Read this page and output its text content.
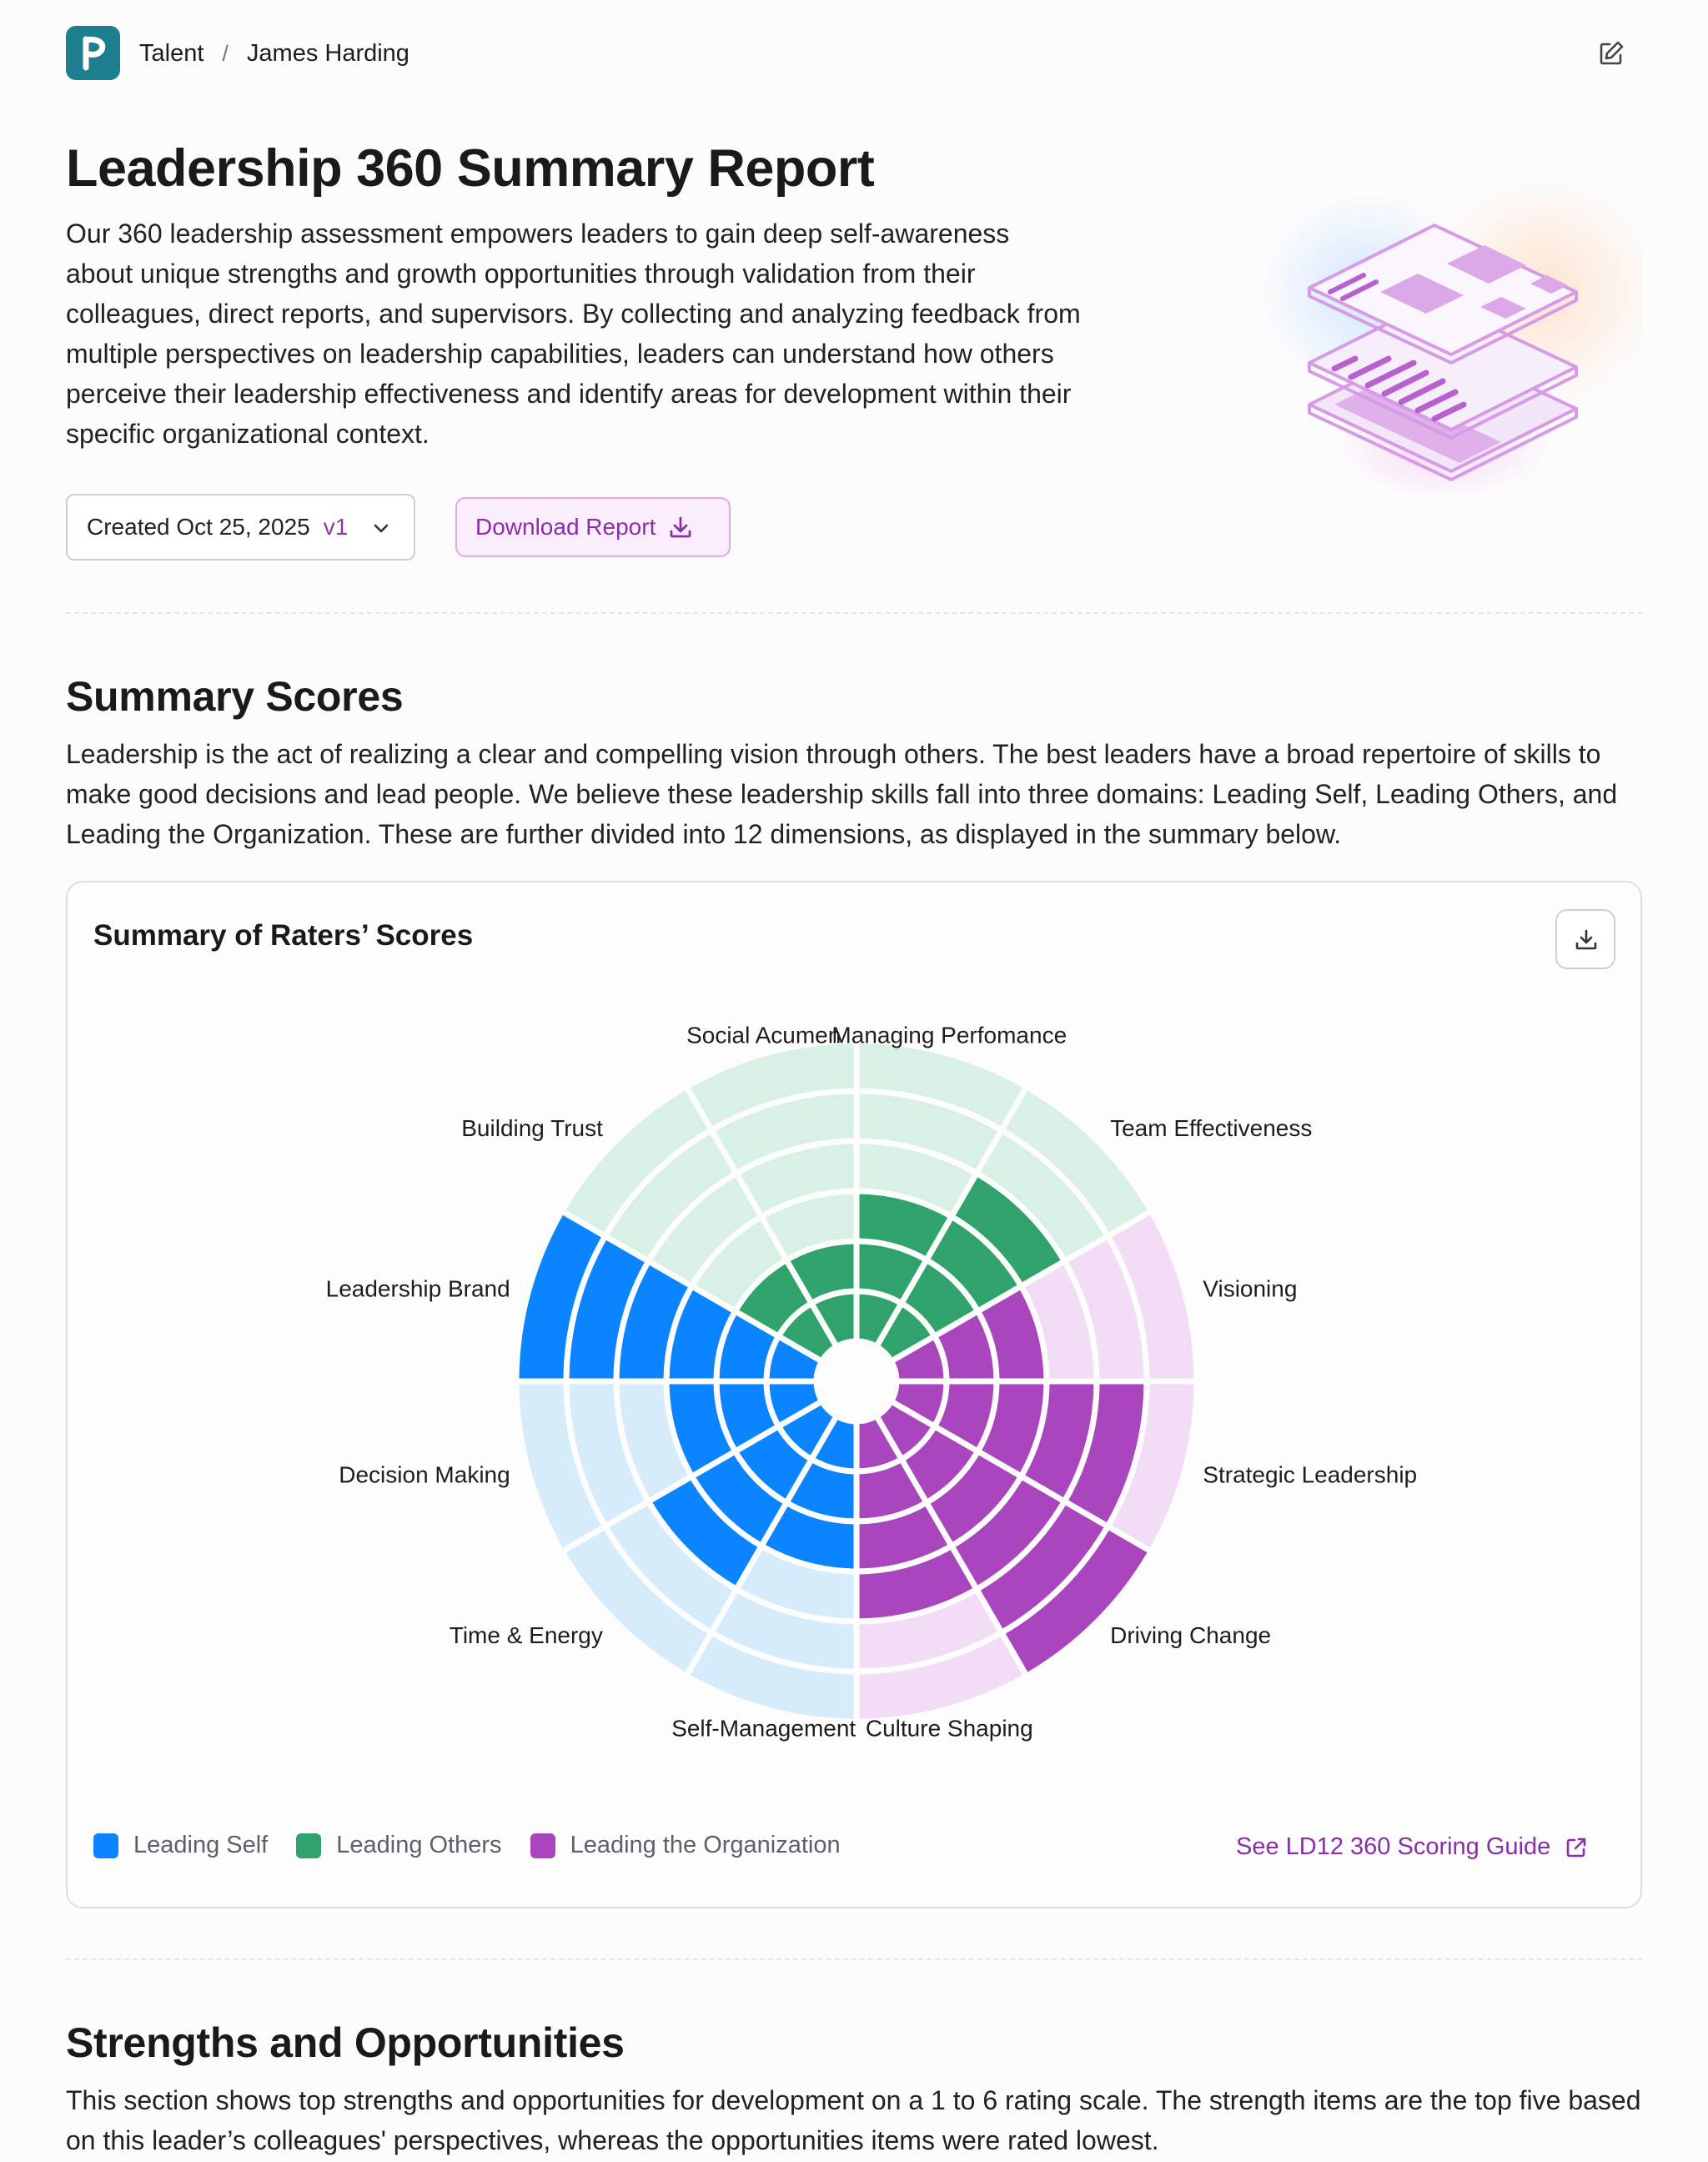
Talent / James Harding
Leadership 360 Summary Report

Our 360 leadership assessment empowers leaders to gain deep self-awareness about unique strengths and growth opportunities through validation from their colleagues, direct reports, and supervisors. By collecting and analyzing feedback from multiple perspectives on leadership capabilities, leaders can understand how others perceive their leadership effectiveness and identify areas for development within their specific organizational context.

Created Oct 25, 2025 v1	Download Report
Summary Scores

Leadership is the act of realizing a clear and compelling vision through others. The best leaders have a broad repertoire of skills to make good decisions and lead people. We believe these leadership skills fall into three domains: Leading Self, Leading Others, and Leading the Organization. These are further divided into 12 dimensions, as displayed in the summary below.

Managing Perfomance
Team Effectiveness
Visioning
Strategic Leadership
Driving Change
Culture Shaping
Self-Management
Time & Energy
Decision Making
Leadership Brand
Building Trust
Social Acumen
Summary of Raters’ Scores
Leading Self	Leading Others	Leading the Organization	See LD12 360 Scoring Guide
Strengths and Opportunities

This section shows top strengths and opportunities for development on a 1 to 6 rating scale. The strength items are the top five based on this leader’s colleagues' perspectives, whereas the opportunities items were rated lowest.
